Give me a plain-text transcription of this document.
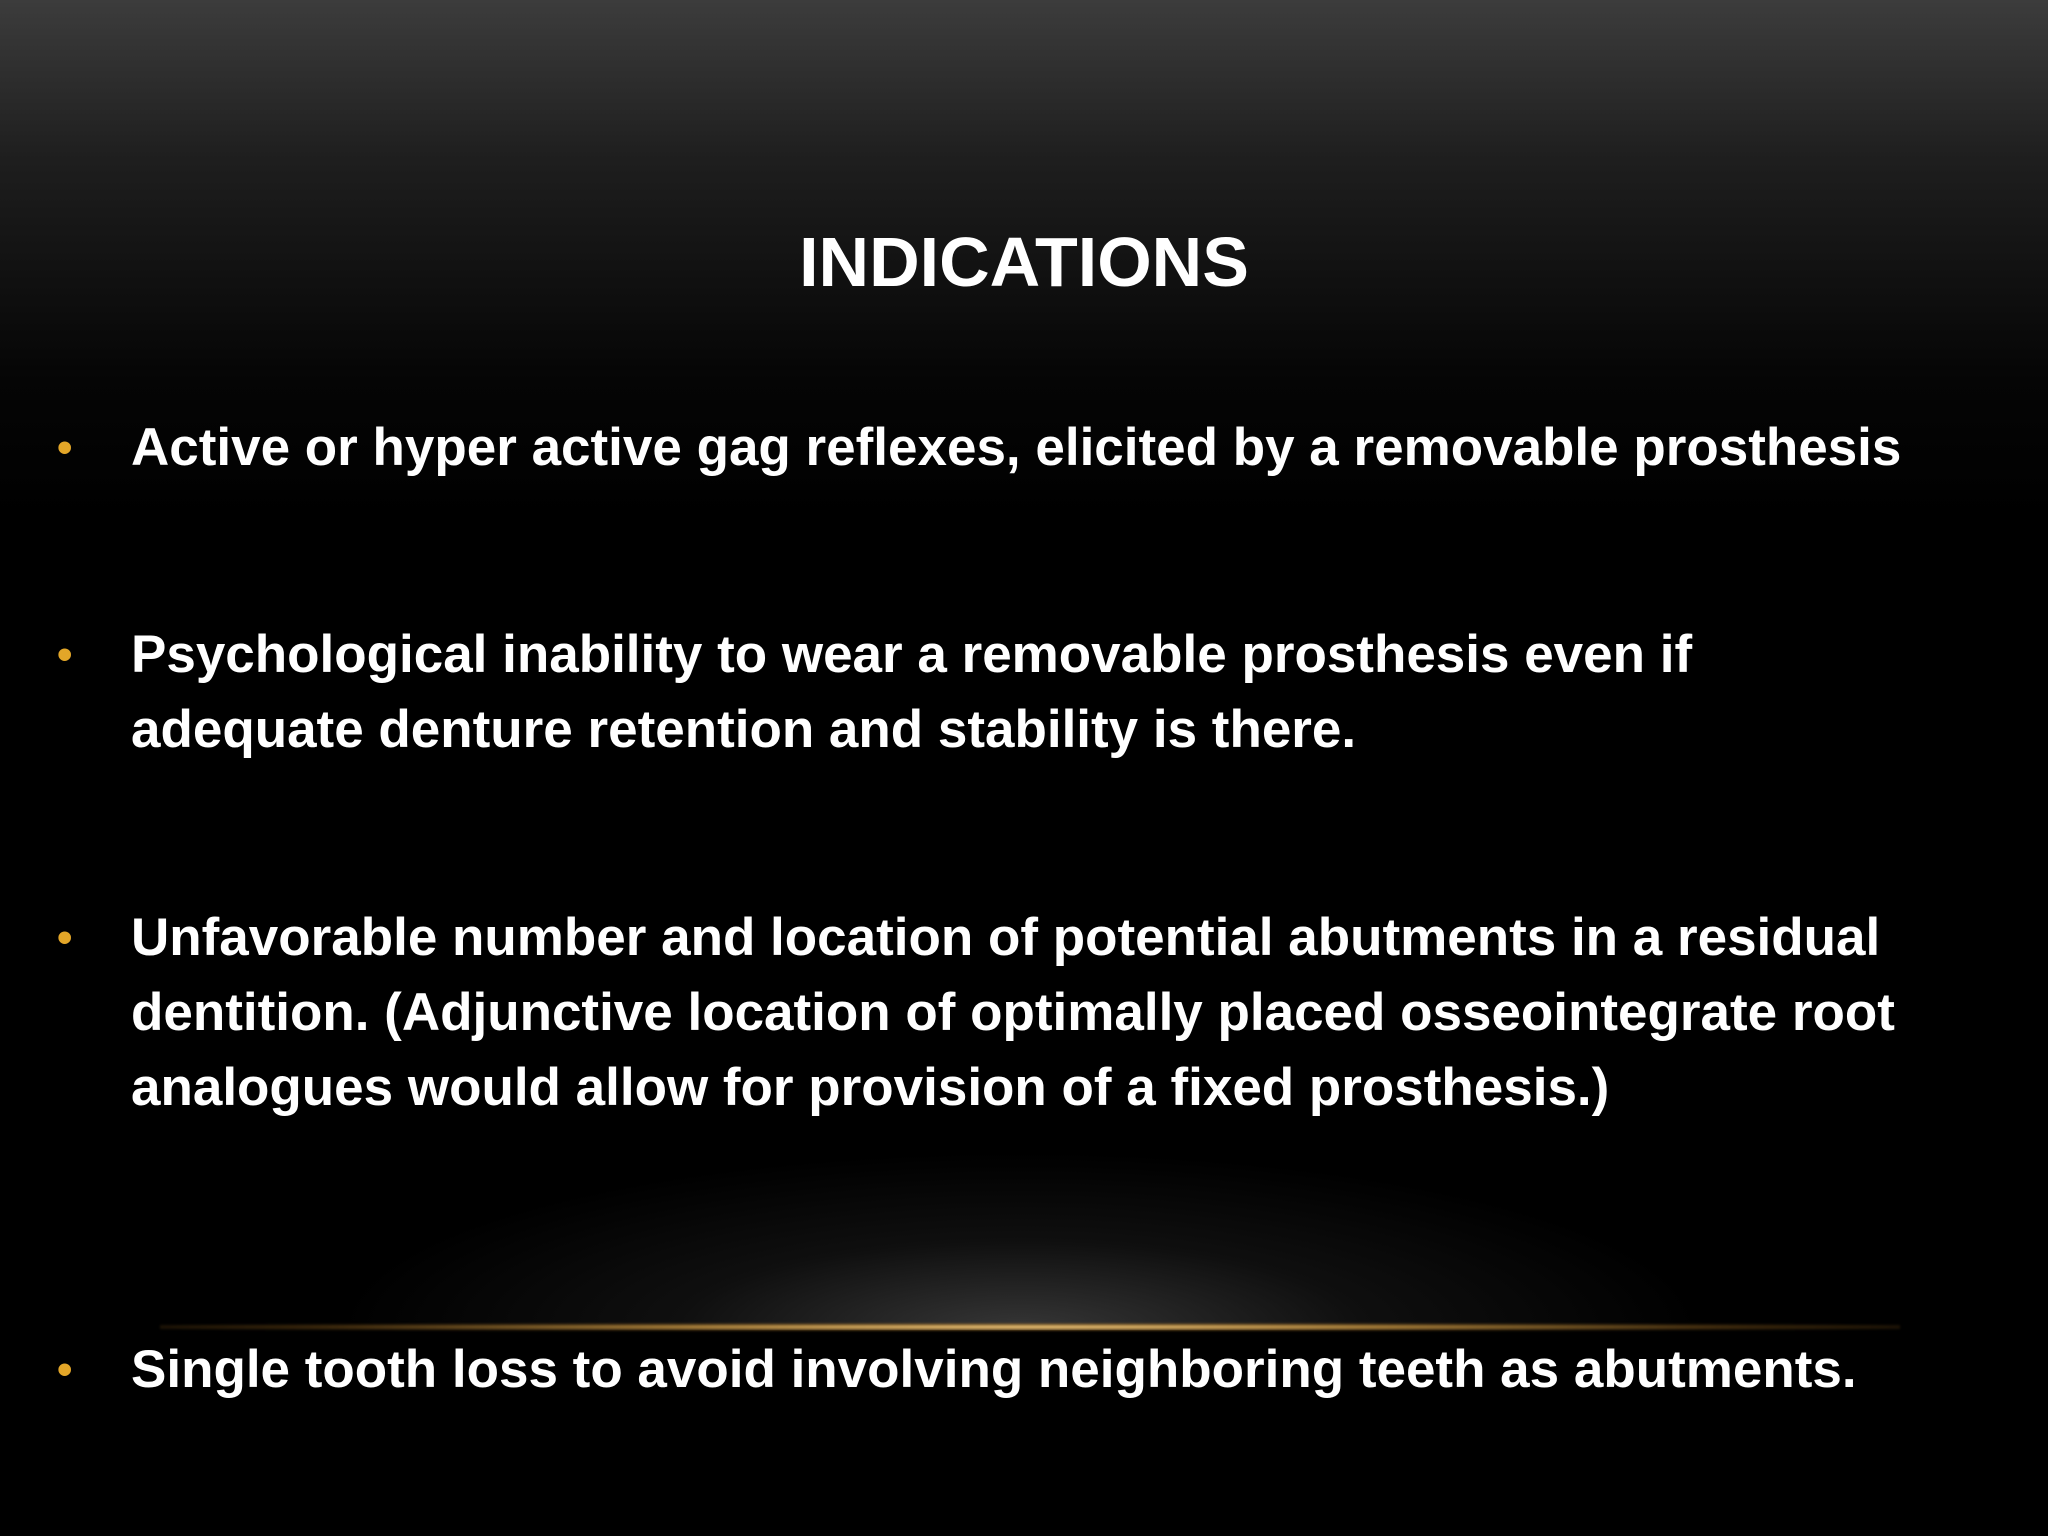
INDICATIONS
• Active or hyper active gag reflexes, elicited by a removable prosthesis
• Psychological inability to wear a removable prosthesis even if adequate denture retention and stability is there.
• Unfavorable number and location of potential abutments in a residual dentition. (Adjunctive location of optimally placed osseointegrate root analogues would allow for provision of a fixed prosthesis.)
• Single tooth loss to avoid involving neighboring teeth as abutments.
